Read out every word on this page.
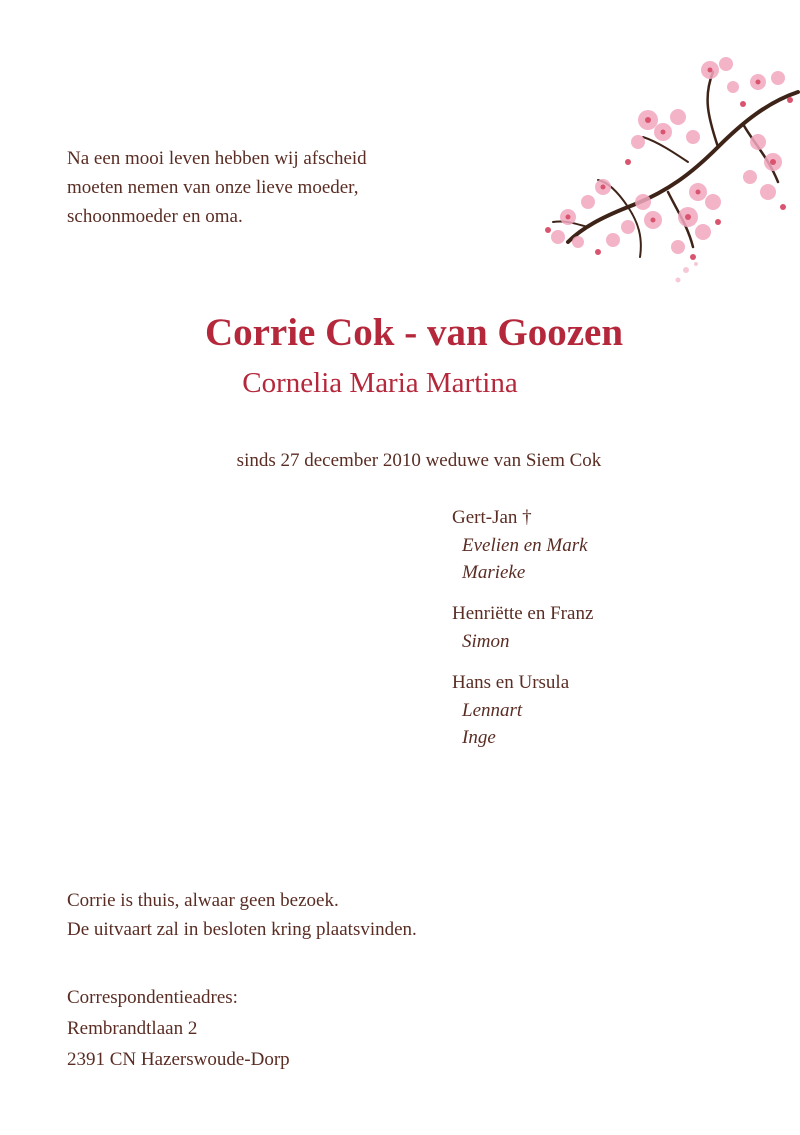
Na een mooi leven hebben wij afscheid
moeten nemen van onze lieve moeder,
schoonmoeder en oma.
Corrie Cok - van Goozen
Cornelia Maria Martina
sinds 27 december 2010 weduwe van Siem Cok
Gert-Jan †
Evelien en Mark
Marieke
Henriëtte en Franz
Simon
Hans en Ursula
Lennart
Inge
Corrie is thuis, alwaar geen bezoek.
De uitvaart zal in besloten kring plaatsvinden.
Correspondentieadres:
Rembrandtlaan 2
2391 CN Hazerswoude-Dorp
